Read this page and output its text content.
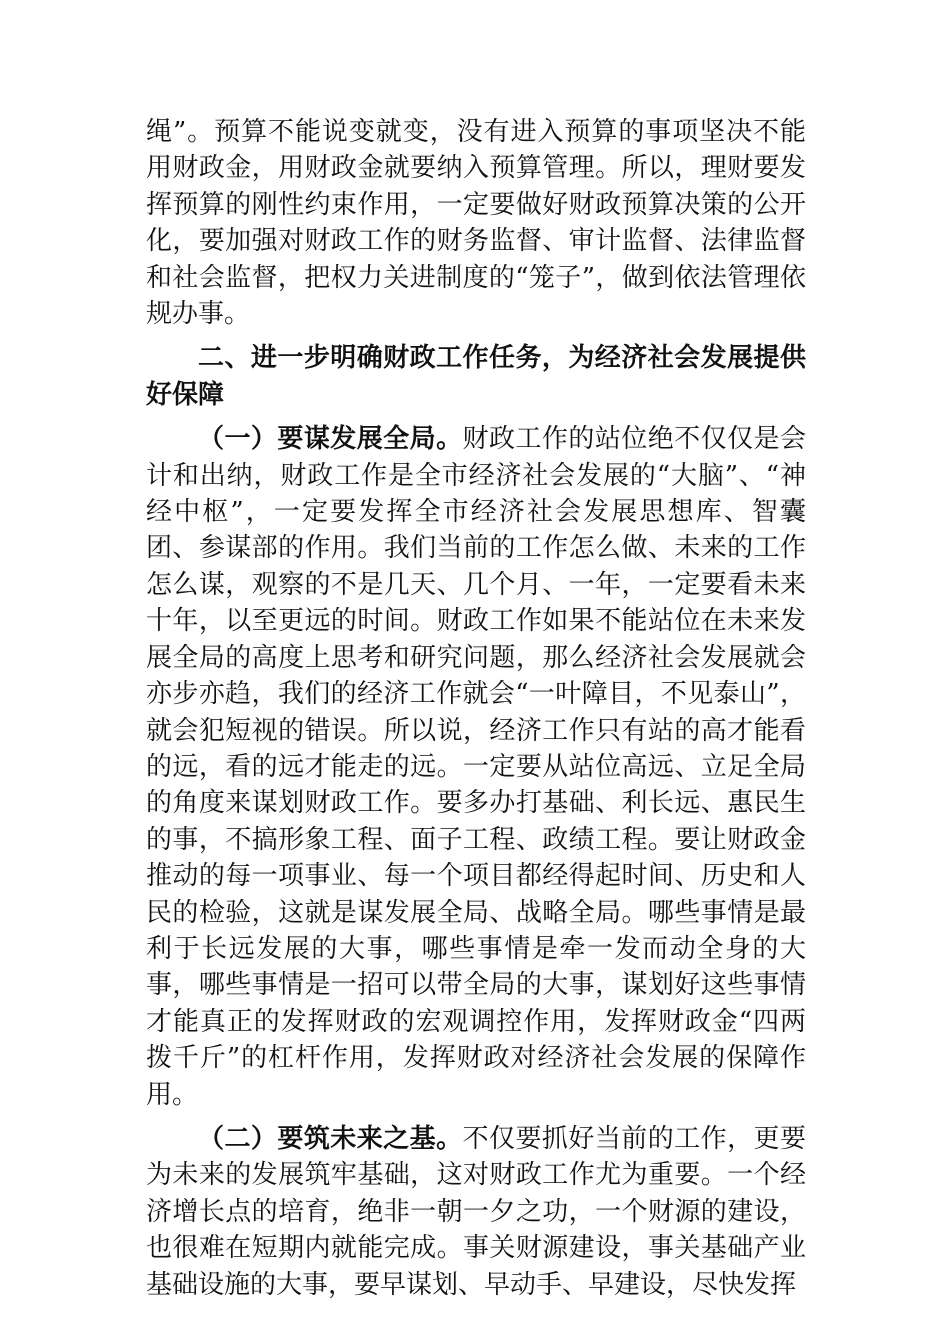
绳”。预算不能说变就变，没有进入预算的事项坚决不能用财政金，用财政金就要纳入预算管理。所以，理财要发挥预算的刚性约束作用，一定要做好财政预算决策的公开化，要加强对财政工作的财务监督、审计监督、法律监督和社会监督，把权力关进制度的“笼子”，做到依法管理依规办事。

二、进一步明确财政工作任务，为经济社会发展提供好保障

（一）要谋发展全局。财政工作的站位绝不仅仅是会计和出纳，财政工作是全市经济社会发展的“大脑”、“神经中枢”，一定要发挥全市经济社会发展思想库、智囊团、参谋部的作用。我们当前的工作怎么做、未来的工作怎么谋，观察的不是几天、几个月、一年，一定要看未来十年，以至更远的时间。财政工作如果不能站位在未来发展全局的高度上思考和研究问题，那么经济社会发展就会亦步亦趋，我们的经济工作就会“一叶障目，不见泰山”，就会犯短视的错误。所以说，经济工作只有站的高才能看的远，看的远才能走的远。一定要从站位高远、立足全局的角度来谋划财政工作。要多办打基础、利长远、惠民生的事，不搞形象工程、面子工程、政绩工程。要让财政金推动的每一项事业、每一个项目都经得起时间、历史和人民的检验，这就是谋发展全局、战略全局。哪些事情是最利于长远发展的大事，哪些事情是牵一发而动全身的大事，哪些事情是一招可以带全局的大事，谋划好这些事情才能真正的发挥财政的宏观调控作用，发挥财政金“四两拨千斤”的杠杆作用，发挥财政对经济社会发展的保障作用。

（二）要筑未来之基。不仅要抓好当前的工作，更要为未来的发展筑牢基础，这对财政工作尤为重要。一个经济增长点的培育，绝非一朝一夕之功，一个财源的建设，也很难在短期内就能完成。事关财源建设，事关基础产业基础设施的大事，要早谋划、早动手、早建设，尽快发挥
